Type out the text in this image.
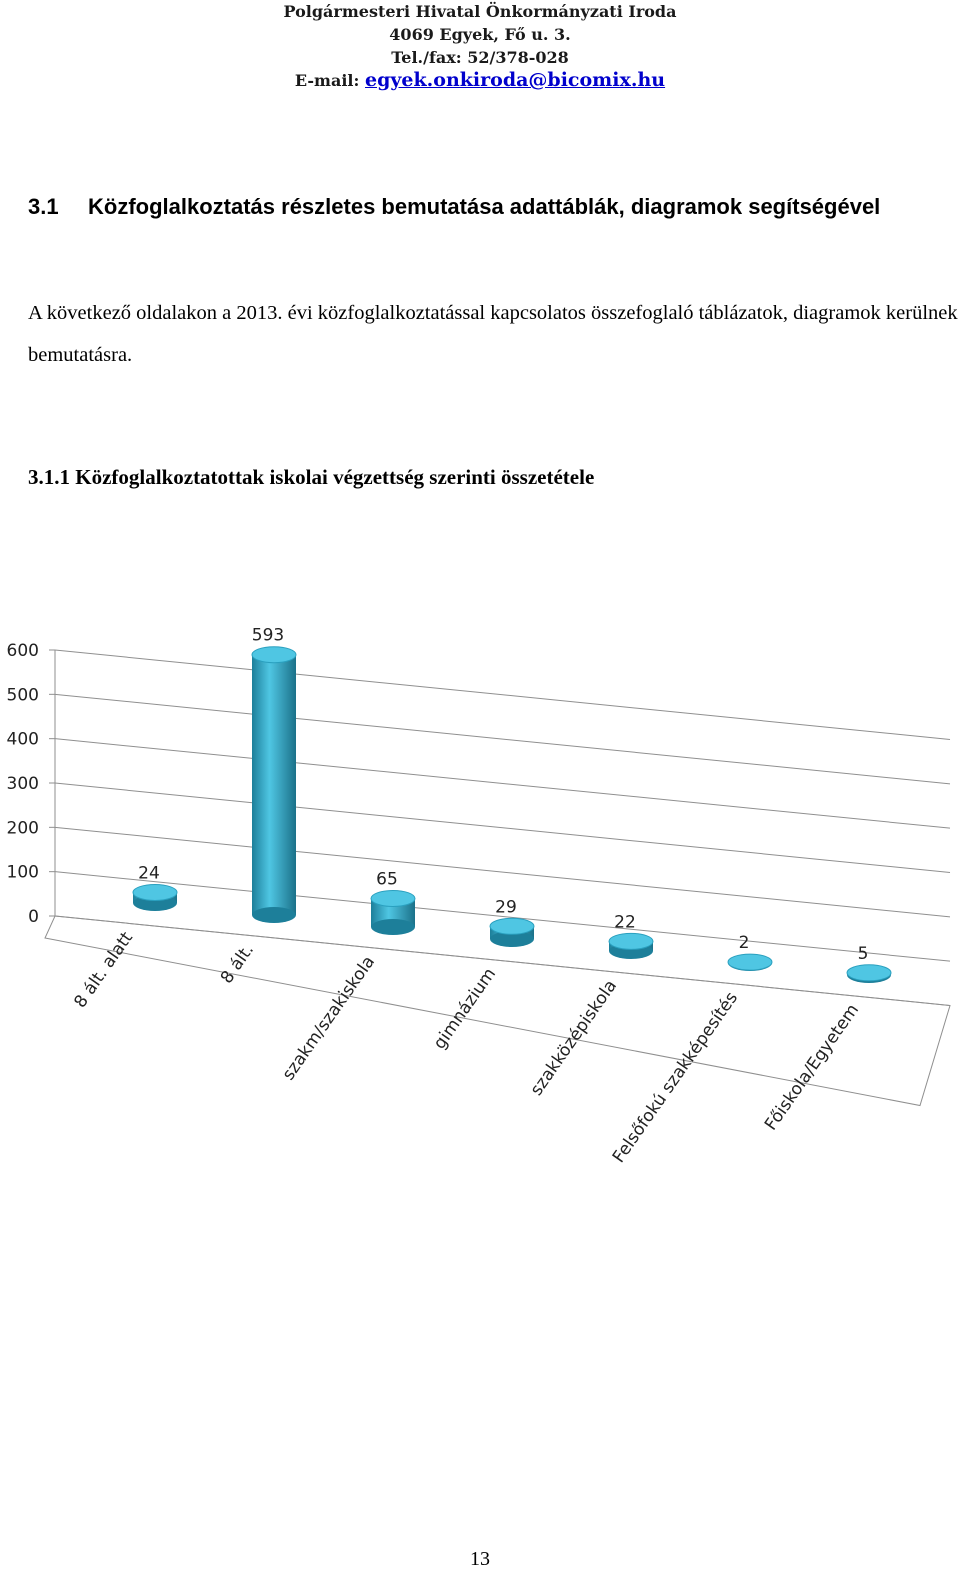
Polgármesteri Hivatal Önkormányzati Iroda
4069 Egyek, Fő u. 3.
Tel./fax: 52/378-028
E-mail: egyek.onkiroda@bicomix.hu
3.1 Közfoglalkoztatás részletes bemutatása adattáblák, diagramok segítségével
A következő oldalakon a 2013. évi közfoglalkoztatással kapcsolatos összefoglaló táblázatok, diagramok kerülnek bemutatásra.
3.1.1 Közfoglalkoztatottak iskolai végzettség szerinti összetétele
0
100
200
300
400
500
600
24
8 ált. alatt
593
8 ált.
65
szakm/szakiskola
29
gimnázium
22
szakközépiskola
2
Felsőfokú szakképesítés
5
Főiskola/Egyetem
13
